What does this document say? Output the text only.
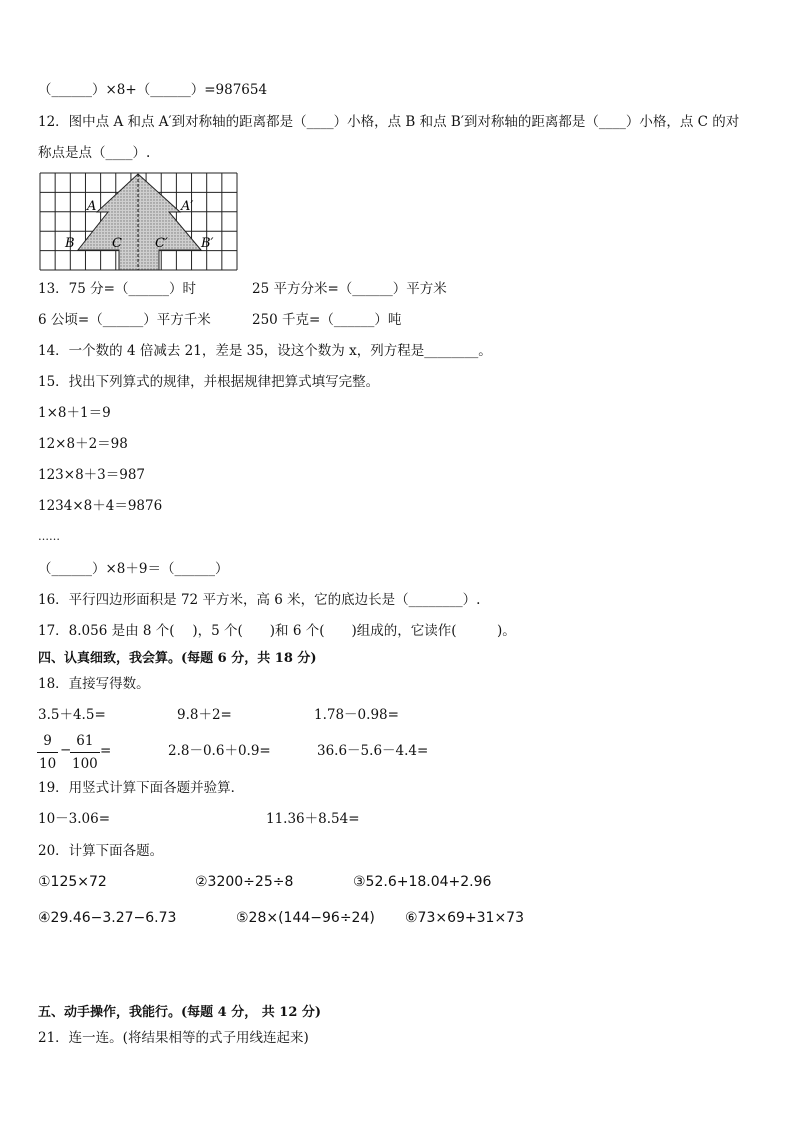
（______）×8+（______）=987654
12．图中点 A 和点 A′到对称轴的距离都是（____）小格，点 B 和点 B′到对称轴的距离都是（____）小格，点 C 的对
称点是点（____）.
A	A′
B	B′
C	C′
13．75 分=（______）时	25 平方分米=（______）平方米
6 公顷=（______）平方千米	250 千克=（______）吨
14．一个数的 4 倍减去 21，差是 35，设这个数为 x，列方程是________。
15．找出下列算式的规律，并根据规律把算式填写完整。
1×8＋1＝9
12×8＋2＝98
123×8＋3＝987
1234×8＋4＝9876
……
（______）×8＋9＝（______）
16．平行四边形面积是 72 平方米，高 6 米，它的底边长是（________）.
17．8.056 是由 8 个(　 )，5 个(　　)和 6 个(　　)组成的，它读作(　　　)。
四、认真细致，我会算。(每题 6 分，共 18 分)
18．直接写得数。
3.5＋4.5=	9.8＋2=	1.78－0.98=
9
10
−
61
100
=	2.8－0.6＋0.9=	36.6－5.6－4.4=
19．用竖式计算下面各题并验算．
10－3.06=	11.36＋8.54=
20．计算下面各题。
①125×72	②3200÷25÷8	③52.6+18.04+2.96
④29.46−3.27−6.73	⑤28×(144−96÷24) ⑥73×69+31×73
五、动手操作，我能行。(每题 4 分， 共 12 分)
21．连一连。(将结果相等的式子用线连起来)
